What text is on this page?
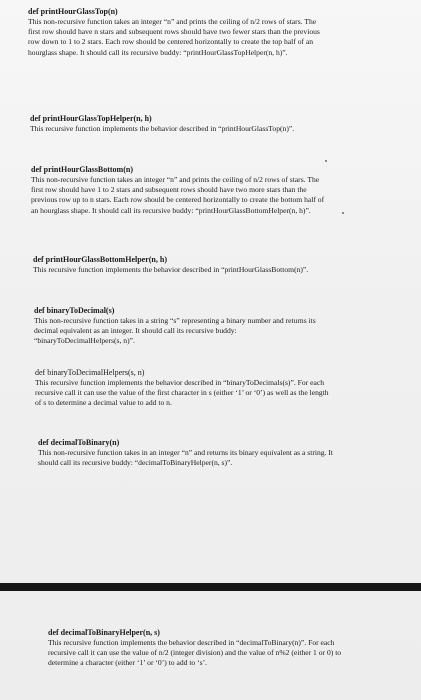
def printHourGlassTop(n)
This non-recursive function takes an integer “n” and prints the ceiling of n/2 rows of stars. The
first row should have n stars and subsequent rows should have two fewer stars than the previous
row down to 1 to 2 stars. Each row should be centered horizontally to create the top half of an
hourglass shape. It should call its recursive buddy: “printHourGlassTopHelper(n, h)”.
def printHourGlassTopHelper(n, h)
This recursive function implements the behavior described in “printHourGlassTop(n)”.
def printHourGlassBottom(n)
This non-recursive function takes an integer “n” and prints the ceiling of n/2 rows of stars. The
first row should have 1 to 2 stars and subsequent rows should have two more stars than the
previous row up to n stars. Each row should be centered horizontally to create the bottom half of
an hourglass shape. It should call its recursive buddy: “printHourGlassBottomHelper(n, h)”.
def printHourGlassBottomHelper(n, h)
This recursive function implements the behavior described in “printHourGlassBottom(n)”.
def binaryToDecimal(s)
This non-recursive function takes in a string “s” representing a binary number and returns its
decimal equivalent as an integer. It should call its recursive buddy:
“binaryToDecimalHelpers(s, n)”.
def binaryToDecimalHelpers(s, n)
This recursive function implements the behavior described in “binaryToDecimals(s)”. For each
recursive call it can use the value of the first character in s (either ‘1’ or ‘0’) as well as the length
of s to determine a decimal value to add to n.
def decimalToBinary(n)
This non-recursive function takes in an integer “n” and returns its binary equivalent as a string. It
should call its recursive buddy: “decimalToBinaryHelper(n, s)”.
def decimalToBinaryHelper(n, s)
This recursive function implements the behavior described in “decimalToBinary(n)”. For each
recursive call it can use the value of n/2 (integer division) and the value of n%2 (either 1 or 0) to
determine a character (either ‘1’ or ‘0’) to add to ‘s’.
